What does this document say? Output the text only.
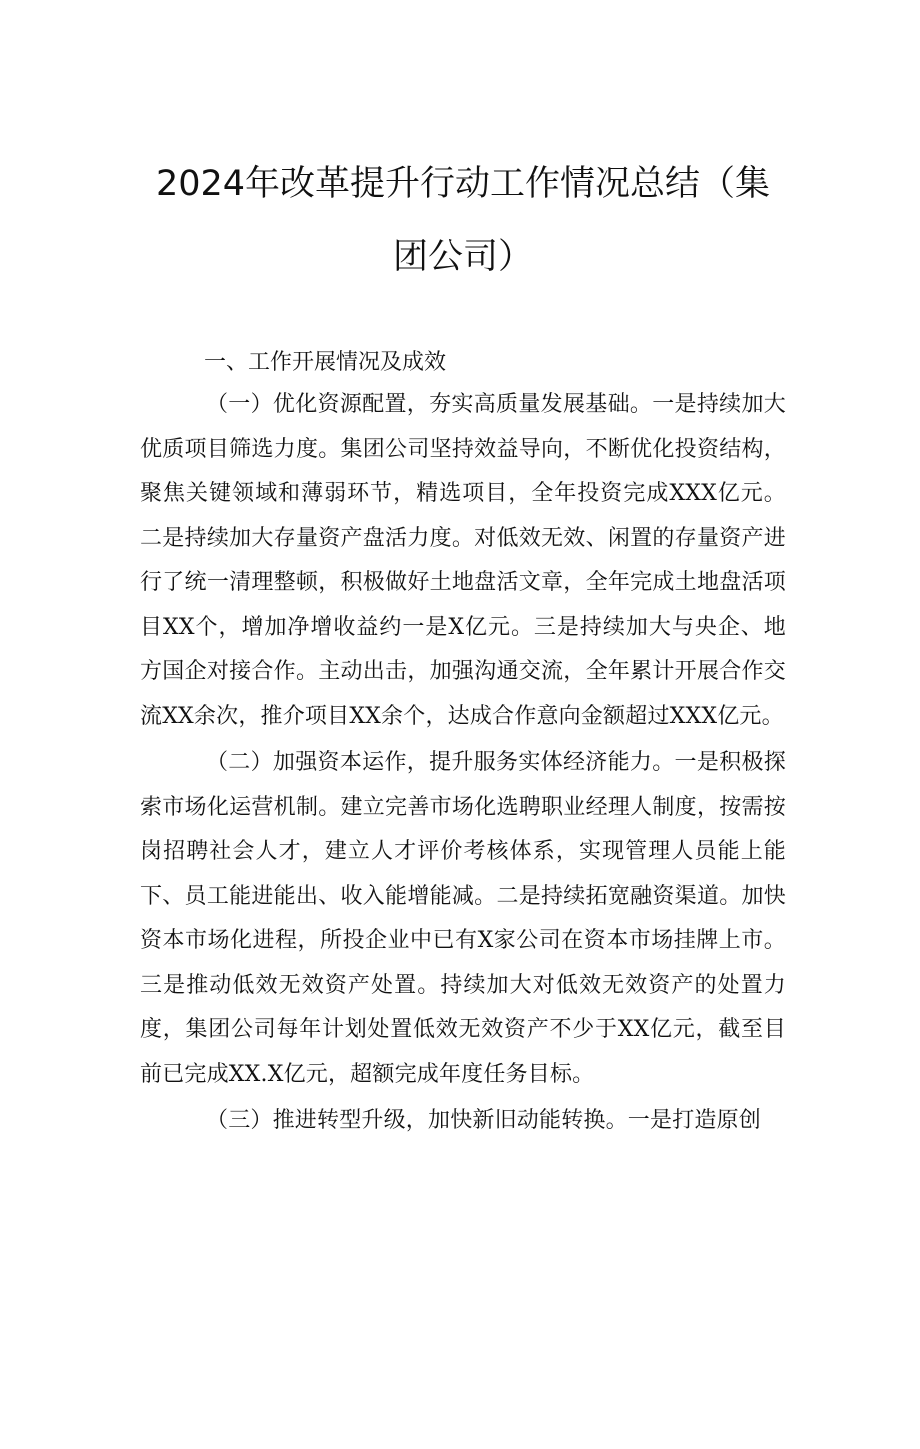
2024年改革提升行动工作情况总结（集团公司）
一、工作开展情况及成效

（一）优化资源配置，夯实高质量发展基础。一是持续加大优质项目筛选力度。集团公司坚持效益导向，不断优化投资结构，聚焦关键领域和薄弱环节，精选项目，全年投资完成XXX亿元。二是持续加大存量资产盘活力度。对低效无效、闲置的存量资产进行了统一清理整顿，积极做好土地盘活文章，全年完成土地盘活项目XX个，增加净增收益约一是X亿元。三是持续加大与央企、地方国企对接合作。主动出击，加强沟通交流，全年累计开展合作交流XX余次，推介项目XX余个，达成合作意向金额超过XXX亿元。

（二）加强资本运作，提升服务实体经济能力。一是积极探索市场化运营机制。建立完善市场化选聘职业经理人制度，按需按岗招聘社会人才，建立人才评价考核体系，实现管理人员能上能下、员工能进能出、收入能增能减。二是持续拓宽融资渠道。加快资本市场化进程，所投企业中已有X家公司在资本市场挂牌上市。三是推动低效无效资产处置。持续加大对低效无效资产的处置力度，集团公司每年计划处置低效无效资产不少于XX亿元，截至目前已完成XX.X亿元，超额完成年度任务目标。

（三）推进转型升级，加快新旧动能转换。一是打造原创
